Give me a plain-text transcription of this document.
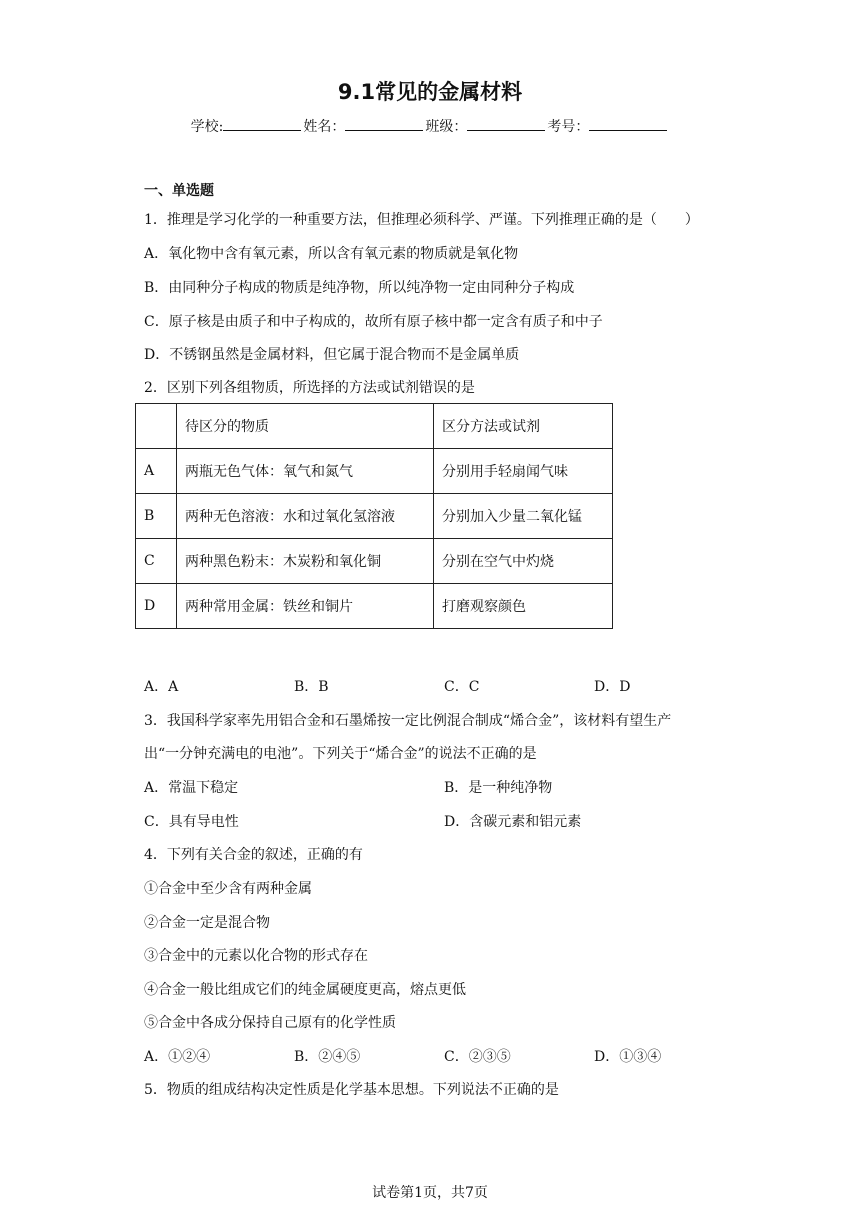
9.1常见的金属材料
学校:	姓名：	班级：	考号：
一、单选题
1．推理是学习化学的一种重要方法，但推理必须科学、严谨。下列推理正确的是（　　）
A．氧化物中含有氧元素，所以含有氧元素的物质就是氧化物
B．由同种分子构成的物质是纯净物，所以纯净物一定由同种分子构成
C．原子核是由质子和中子构成的，故所有原子核中都一定含有质子和中子
D．不锈钢虽然是金属材料，但它属于混合物而不是金属单质
2．区别下列各组物质，所选择的方法或试剂错误的是
	待区分的物质	区分方法或试剂
A	两瓶无色气体：氧气和氮气	分别用手轻扇闻气味
B	两种无色溶液：水和过氧化氢溶液	分别加入少量二氧化锰
C	两种黑色粉末：木炭粉和氧化铜	分别在空气中灼烧
D	两种常用金属：铁丝和铜片	打磨观察颜色
A．A	B．B	C．C	D．D
3．我国科学家率先用铝合金和石墨烯按一定比例混合制成“烯合金”，该材料有望生产
出“一分钟充满电的电池”。下列关于“烯合金”的说法不正确的是
A．常温下稳定	B．是一种纯净物
C．具有导电性	D．含碳元素和铝元素
4．下列有关合金的叙述，正确的有
①合金中至少含有两种金属
②合金一定是混合物
③合金中的元素以化合物的形式存在
④合金一般比组成它们的纯金属硬度更高，熔点更低
⑤合金中各成分保持自己原有的化学性质
A．①②④	B．②④⑤	C．②③⑤	D．①③④
5．物质的组成结构决定性质是化学基本思想。下列说法不正确的是
试卷第1页，共7页
